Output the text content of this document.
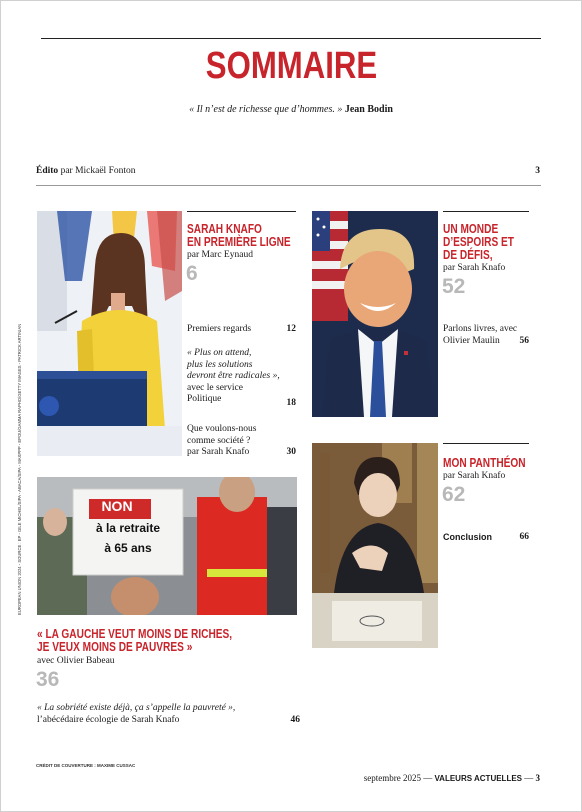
SOMMAIRE
« Il n’est de richesse que d’hommes. » Jean Bodin
Édito par Mickaël Fonton	3
EUROPEAN UNION 2024 - SOURCE : EP - GILE MICHEL/SIPA - ABACA/SIPA - MAXPPP - EPOU/GAMMA RAPHO/GETTY IMAGES - PATRICK ARTINIAN
SARAH KNAFO
EN PREMIÈRE LIGNE
par Marc Eynaud
6
Premiers regards	12
« Plus on attend,
plus les solutions
devront être radicales »,
avec le service
Politique	18
Que voulons-nous
comme société ?
par Sarah Knafo	30
UN MONDE
D’ESPOIRS ET
DE DÉFIS,
par Sarah Knafo
52
Parlons livres, avec
Olivier Maulin	56
MON PANTHÉON
par Sarah Knafo
62
Conclusion	66
NON
à la retraite
à 65 ans
« LA GAUCHE VEUT MOINS DE RICHES,
JE VEUX MOINS DE PAUVRES »
avec Olivier Babeau
36
« La sobriété existe déjà, ça s’appelle la pauvreté »,
l’abécédaire écologie de Sarah Knafo	46
CRÉDIT DE COUVERTURE : MAXIME CUSSAC
septembre 2025 — VALEURS ACTUELLES — 3
